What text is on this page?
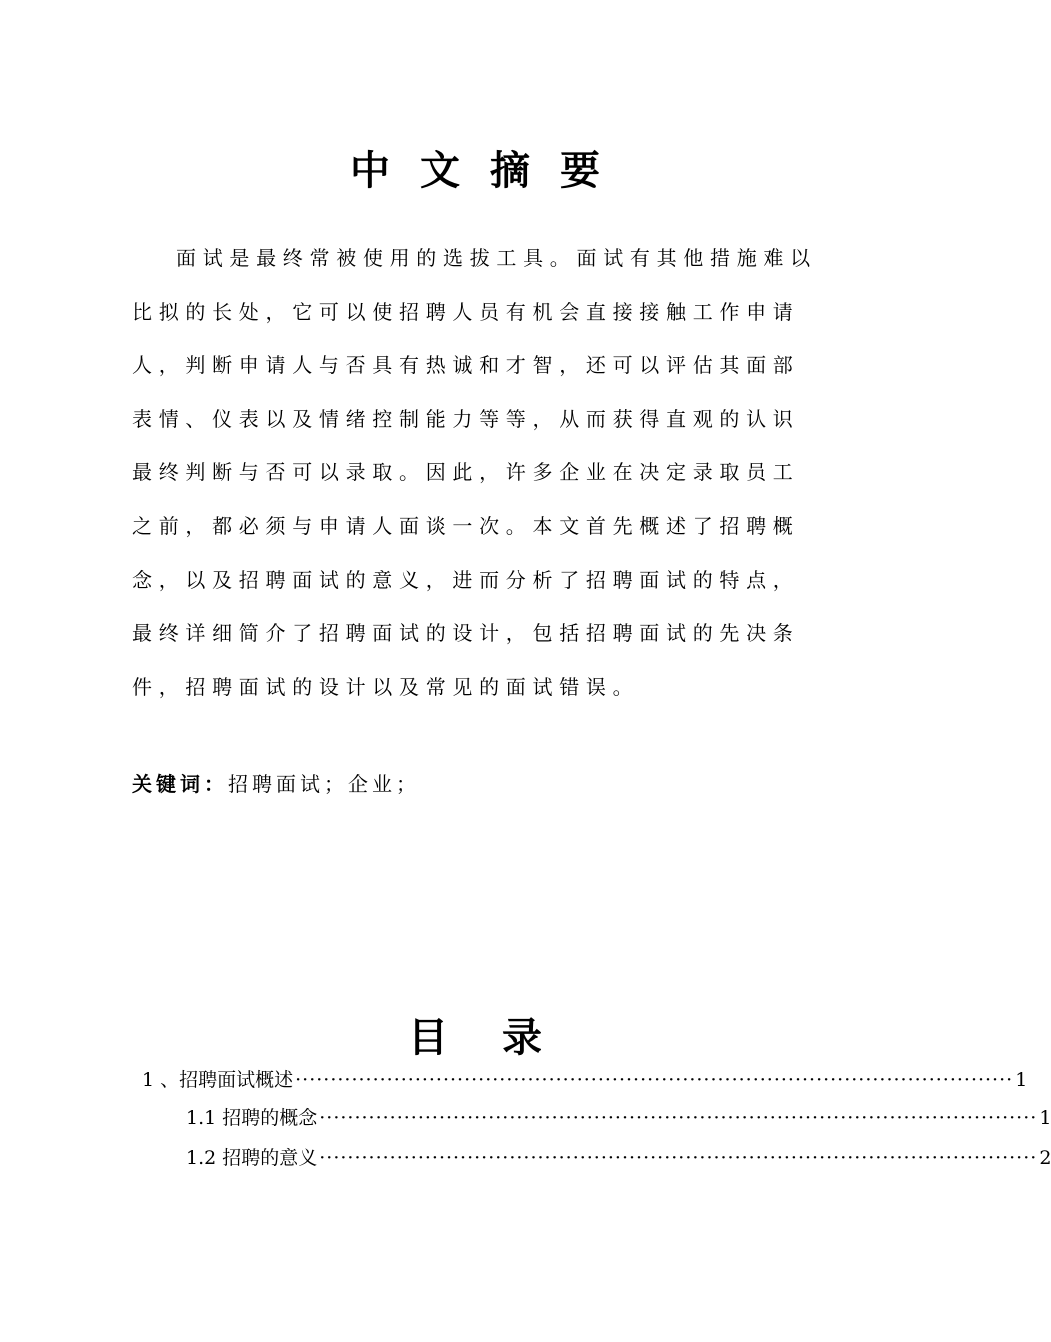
中文摘要
面试是最终常被使用的选拔工具。面试有其他措施难以
比拟的长处，它可以使招聘人员有机会直接接触工作申请
人，判断申请人与否具有热诚和才智，还可以评估其面部
表情、仪表以及情绪控制能力等等，从而获得直观的认识
最终判断与否可以录取。因此，许多企业在决定录取员工
之前，都必须与申请人面谈一次。本文首先概述了招聘概
念，以及招聘面试的意义，进而分析了招聘面试的特点，
最终详细简介了招聘面试的设计，包括招聘面试的先决条
件，招聘面试的设计以及常见的面试错误。
关键词：招聘面试；企业；
目 录
1 、招聘面试概述 ······································································································ 1
1.1 招聘的概念 ······································································································ 1
1.2 招聘的意义 ······································································································ 2
